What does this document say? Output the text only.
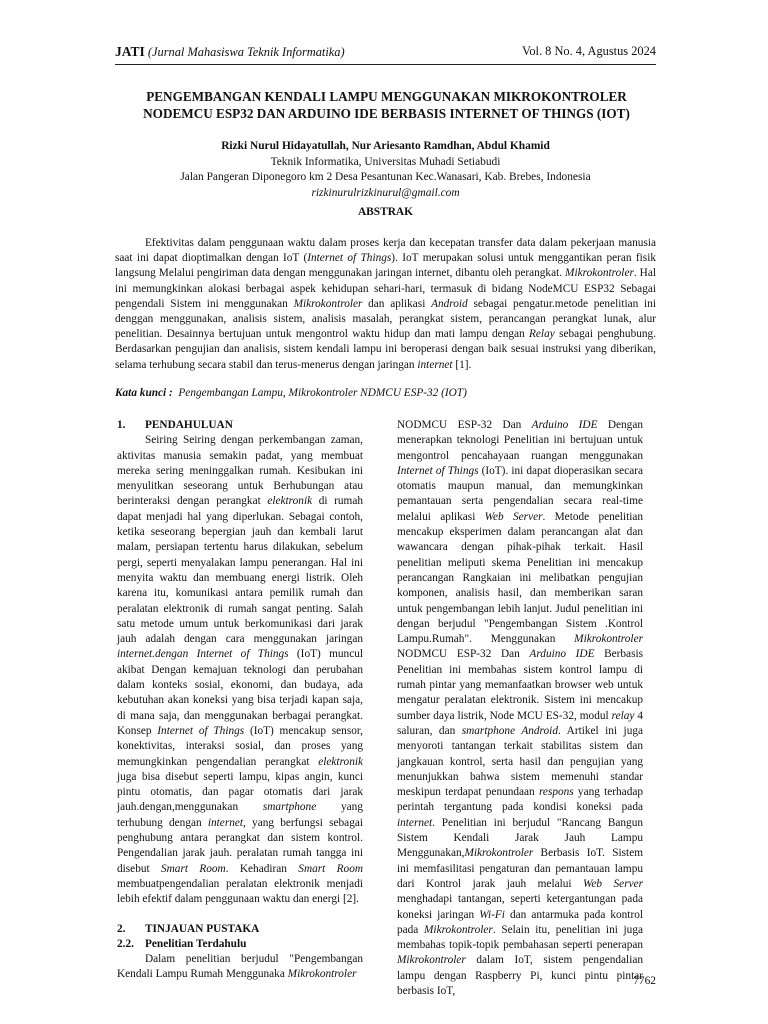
JATI (Jurnal Mahasiswa Teknik Informatika)	Vol. 8 No. 4, Agustus 2024
PENGEMBANGAN KENDALI LAMPU MENGGUNAKAN MIKROKONTROLER
NODEMCU ESP32 DAN ARDUINO IDE BERBASIS INTERNET OF THINGS (IOT)
Rizki Nurul Hidayatullah, Nur Ariesanto Ramdhan, Abdul Khamid
Teknik Informatika, Universitas Muhadi Setiabudi
Jalan Pangeran Diponegoro km 2 Desa Pesantunan Kec.Wanasari, Kab. Brebes, Indonesia
rizkinurulrizkinurul@gmail.com
ABSTRAK

Efektivitas dalam penggunaan waktu dalam proses kerja dan kecepatan transfer data dalam pekerjaan manusia saat ini dapat dioptimalkan dengan IoT (Internet of Things). IoT merupakan solusi untuk menggantikan peran fisik langsung Melalui pengiriman data dengan menggunakan jaringan internet, dibantu oleh perangkat. Mikrokontroler. Hal ini memungkinkan alokasi berbagai aspek kehidupan sehari-hari, termasuk di bidang NodeMCU ESP32 Sebagai pengendali Sistem ini menggunakan Mikrokontroler dan aplikasi Android sebagai pengatur.metode penelitian ini denggan menggunakan, analisis sistem, analisis masalah, perangkat sistem, perancangan perangkat lunak, alur penelitian. Desainnya bertujuan untuk mengontrol waktu hidup dan mati lampu dengan Relay sebagai penghubung. Berdasarkan pengujian dan analisis, sistem kendali lampu ini beroperasi dengan baik sesuai instruksi yang diberikan, selama terhubung secara stabil dan terus-menerus dengan jaringan internet [1].

Kata kunci : Pengembangan Lampu, Mikrokontroler NDMCU ESP-32 (IOT)

1. PENDAHULUAN

Seiring Seiring dengan perkembangan zaman, aktivitas manusia semakin padat, yang membuat mereka sering meninggalkan rumah. Kesibukan ini menyulitkan seseorang untuk Berhubungan atau berinteraksi dengan perangkat elektronik di rumah dapat menjadi hal yang diperlukan. Sebagai contoh, ketika seseorang bepergian jauh dan kembali larut malam, persiapan tertentu harus dilakukan, sebelum pergi, seperti menyalakan lampu penerangan. Hal ini menyita waktu dan membuang energi listrik. Oleh karena itu, komunikasi antara pemilik rumah dan peralatan elektronik di rumah sangat penting. Salah satu metode umum untuk berkomunikasi dari jarak jauh adalah dengan cara menggunakan jaringan internet.dengan Internet of Things (IoT) muncul akibat Dengan kemajuan teknologi dan perubahan dalam konteks sosial, ekonomi, dan budaya, ada kebutuhan akan koneksi yang bisa terjadi kapan saja, di mana saja, dan menggunakan berbagai perangkat. Konsep Internet of Things (IoT) mencakup sensor, konektivitas, interaksi sosial, dan proses yang memungkinkan pengendalian perangkat elektronik juga bisa disebut seperti lampu, kipas angin, kunci pintu otomatis, dan pagar otomatis dari jarak jauh.dengan,menggunakan smartphone yang terhubung dengan internet, yang berfungsi sebagai penghubung antara perangkat dan sistem kontrol. Pengendalian jarak jauh. peralatan rumah tangga ini disebut Smart Room. Kehadiran Smart Room membuatpengendalian peralatan elektronik menjadi lebih efektif dalam penggunaan waktu dan energi [2].

2. TINJAUAN PUSTAKA

2.2. Penelitian Terdahulu

Dalam penelitian berjudul "Pengembangan Kendali Lampu Rumah Menggunaka Mikrokontroler

NODMCU ESP-32 Dan Arduino IDE Dengan menerapkan teknologi Penelitian ini bertujuan untuk mengontrol pencahayaan ruangan menggunakan Internet of Things (IoT). ini dapat dioperasikan secara otomatis maupun manual, dan memungkinkan pemantauan serta pengendalian secara real-time melalui aplikasi Web Server. Metode penelitian mencakup eksperimen dalam perancangan alat dan wawancara dengan pihak-pihak terkait. Hasil penelitian meliputi skema Penelitian ini mencakup perancangan Rangkaian ini melibatkan pengujian komponen, analisis hasil, dan memberikan saran untuk pengembangan lebih lanjut. Judul penelitian ini dengan berjudul "Pengembangan Sistem .Kontrol Lampu.Rumah". Menggunakan Mikrokontroler NODMCU ESP-32 Dan Arduino IDE Berbasis Penelitian ini membahas sistem kontrol lampu di rumah pintar yang memanfaatkan browser web untuk mengatur peralatan elektronik. Sistem ini mencakup sumber daya listrik, Node MCU ES-32, modul relay 4 saluran, dan smartphone Android. Artikel ini juga menyoroti tantangan terkait stabilitas sistem dan jangkauan kontrol, serta hasil dan pengujian yang menunjukkan bahwa sistem memenuhi standar meskipun terdapat penundaan respons yang terhadap perintah tergantung pada kondisi koneksi pada internet. Penelitian ini berjudul "Rancang Bangun Sistem Kendali Jarak Jauh Lampu Menggunakan,Mikrokontroler Berbasis IoT. Sistem ini memfasilitasi pengaturan dan pemantauan lampu dari Kontrol jarak jauh melalui Web Server menghadapi tantangan, seperti ketergantungan pada koneksi jaringan Wi-Fi dan antarmuka pada kontrol pada Mikrokontroler. Selain itu, penelitian ini juga membahas topik-topik pembahasan seperti penerapan Mikrokontroler dalam IoT, sistem pengendalian lampu dengan Raspberry Pi, kunci pintu pintar berbasis IoT,

7762
